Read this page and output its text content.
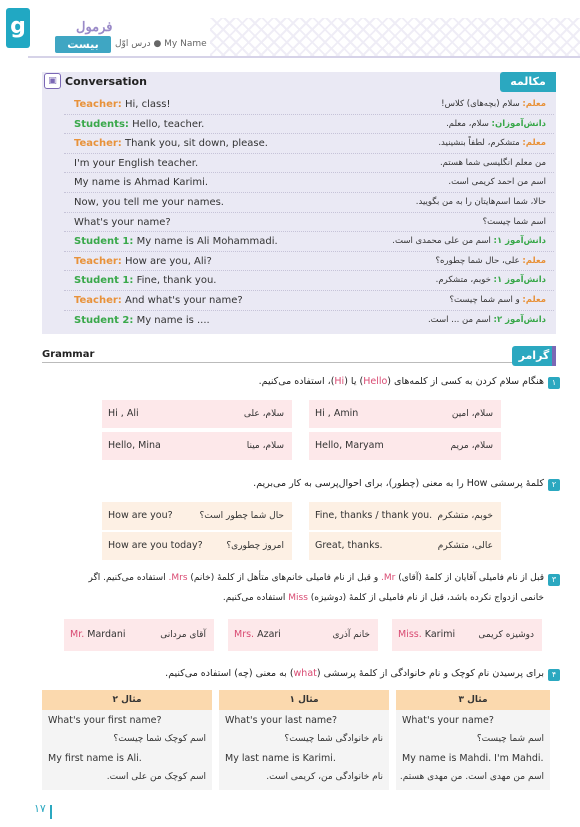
g	فرمول
بیست	درس اوّل ● My Name
▣ Conversation	مکالمه
Teacher: Hi, class!	معلم: سلام (بچه‌های) کلاس!
Students: Hello, teacher.	دانش‌آموزان: سلام، معلم.
Teacher: Thank you, sit down, please.	معلم: متشکرم، لطفاً بنشینید.
I'm your English teacher.	من معلم انگلیسی شما هستم.
My name is Ahmad Karimi.	اسم من احمد کریمی است.
Now, you tell me your names.	حالا، شما اسم‌هایتان را به من بگویید.
What's your name?	اسم شما چیست؟
Student 1: My name is Ali Mohammadi.	دانش‌آموز ۱: اسم من علی محمدی است.
Teacher: How are you, Ali?	معلم: علی، حال شما چطوره؟
Student 1: Fine, thank you.	دانش‌آموز ۱: خوبم، متشکرم.
Teacher: And what's your name?	معلم: و اسم شما چیست؟
Student 2: My name is ....	دانش‌آموز ۲: اسم من ... است.
Grammar	گرامر
۱
هنگام سلام کردن به کسی از کلمه‌های (Hello) یا (Hi)، استفاده می‌کنیم.
Hi , Amin	سلام، امین
Hi , Ali	سلام، علی
Hello, Maryam	سلام، مریم
Hello, Mina	سلام، مینا
۲
کلمهٔ پرسشی How را به معنی (چطور)، برای احوال‌پرسی به کار می‌بریم.
Fine, thanks / thank you. خوبم، متشکرم
How are you?	حال شما چطور است؟
Great, thanks.	عالی، متشکرم
How are you today?	امروز چطوری؟
۳
قبل از نام فامیلی آقایان از کلمهٔ (آقای) Mr. و قبل از نام فامیلی خانم‌های متأهل از کلمهٔ (خانم) Mrs. استفاده می‌کنیم. اگر
خانمی ازدواج نکرده باشد، قبل از نام فامیلی از کلمهٔ (دوشیزه) Miss استفاده می‌کنیم.
Miss. Karimi	دوشیزه کریمی
Mrs. Azari	خانم آذری
Mr. Mardani	آقای مردانی
۴
برای پرسیدن نام کوچک و نام خانوادگی از کلمهٔ پرسشی (what) به معنی (چه) استفاده می‌کنیم.
مثال ۳
What's your name?
اسم شما چیست؟
My name is Mahdi. I'm Mahdi.
اسم من مهدی است. من مهدی هستم.
مثال ۱
What's your last name?
نام خانوادگی شما چیست؟
My last name is Karimi.
نام خانوادگی من، کریمی است.
مثال ۲
What's your first name?
اسم کوچک شما چیست؟
My first name is Ali.
اسم کوچک من علی است.
۱۷
